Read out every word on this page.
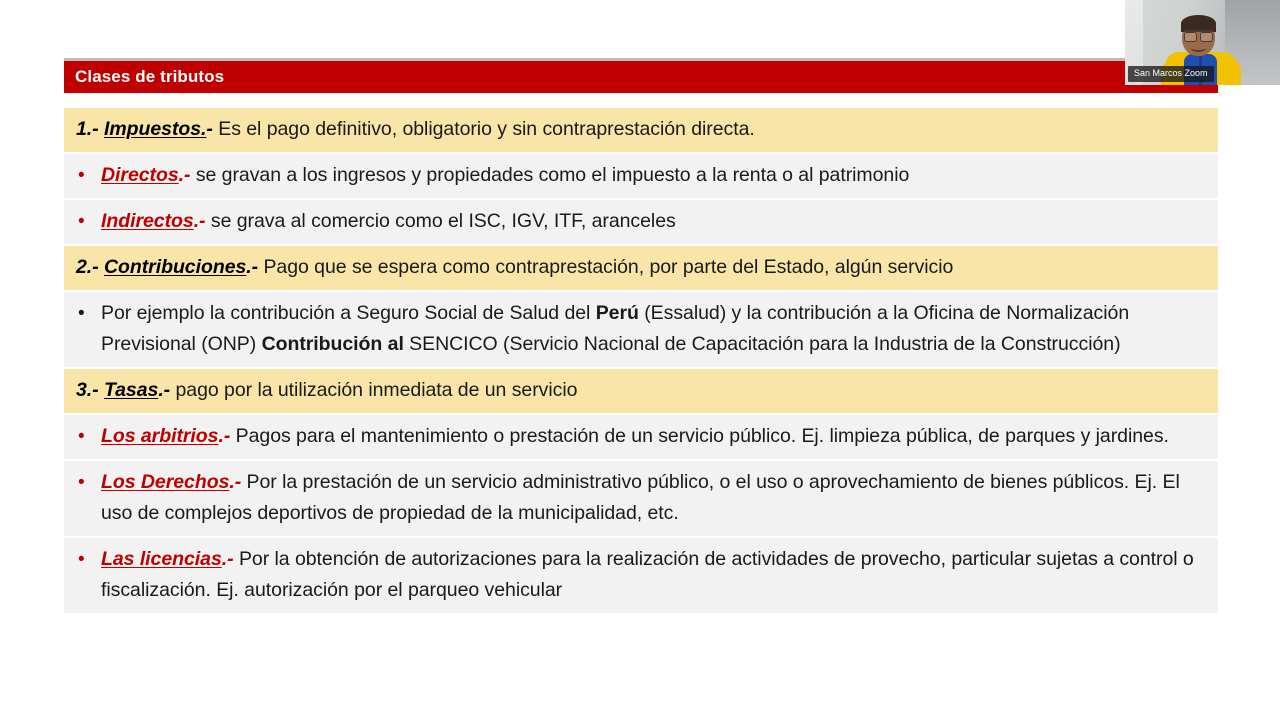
Clases de tributos
1.- Impuestos.- Es el pago definitivo, obligatorio y sin contraprestación directa.
• Directos.- se gravan a los ingresos y propiedades como el impuesto a la renta o al patrimonio
• Indirectos.- se grava al comercio como el ISC, IGV, ITF, aranceles
2.- Contribuciones.- Pago que se espera como contraprestación, por parte del Estado, algún servicio
• Por ejemplo la contribución a Seguro Social de Salud del Perú (Essalud) y la contribución a la Oficina de Normalización Previsional (ONP) Contribución al SENCICO (Servicio Nacional de Capacitación para la Industria de la Construcción)
3.- Tasas.- pago por la utilización inmediata de un servicio
• Los arbitrios.- Pagos para el mantenimiento o prestación de un servicio público. Ej. limpieza pública, de parques y jardines.
• Los Derechos.- Por la prestación de un servicio administrativo público, o el uso o aprovechamiento de bienes públicos. Ej. El uso de complejos deportivos de propiedad de la municipalidad, etc.
• Las licencias.- Por la obtención de autorizaciones para la realización de actividades de provecho, particular sujetas a control o fiscalización. Ej. autorización por el parqueo vehicular
San Marcos Zoom
